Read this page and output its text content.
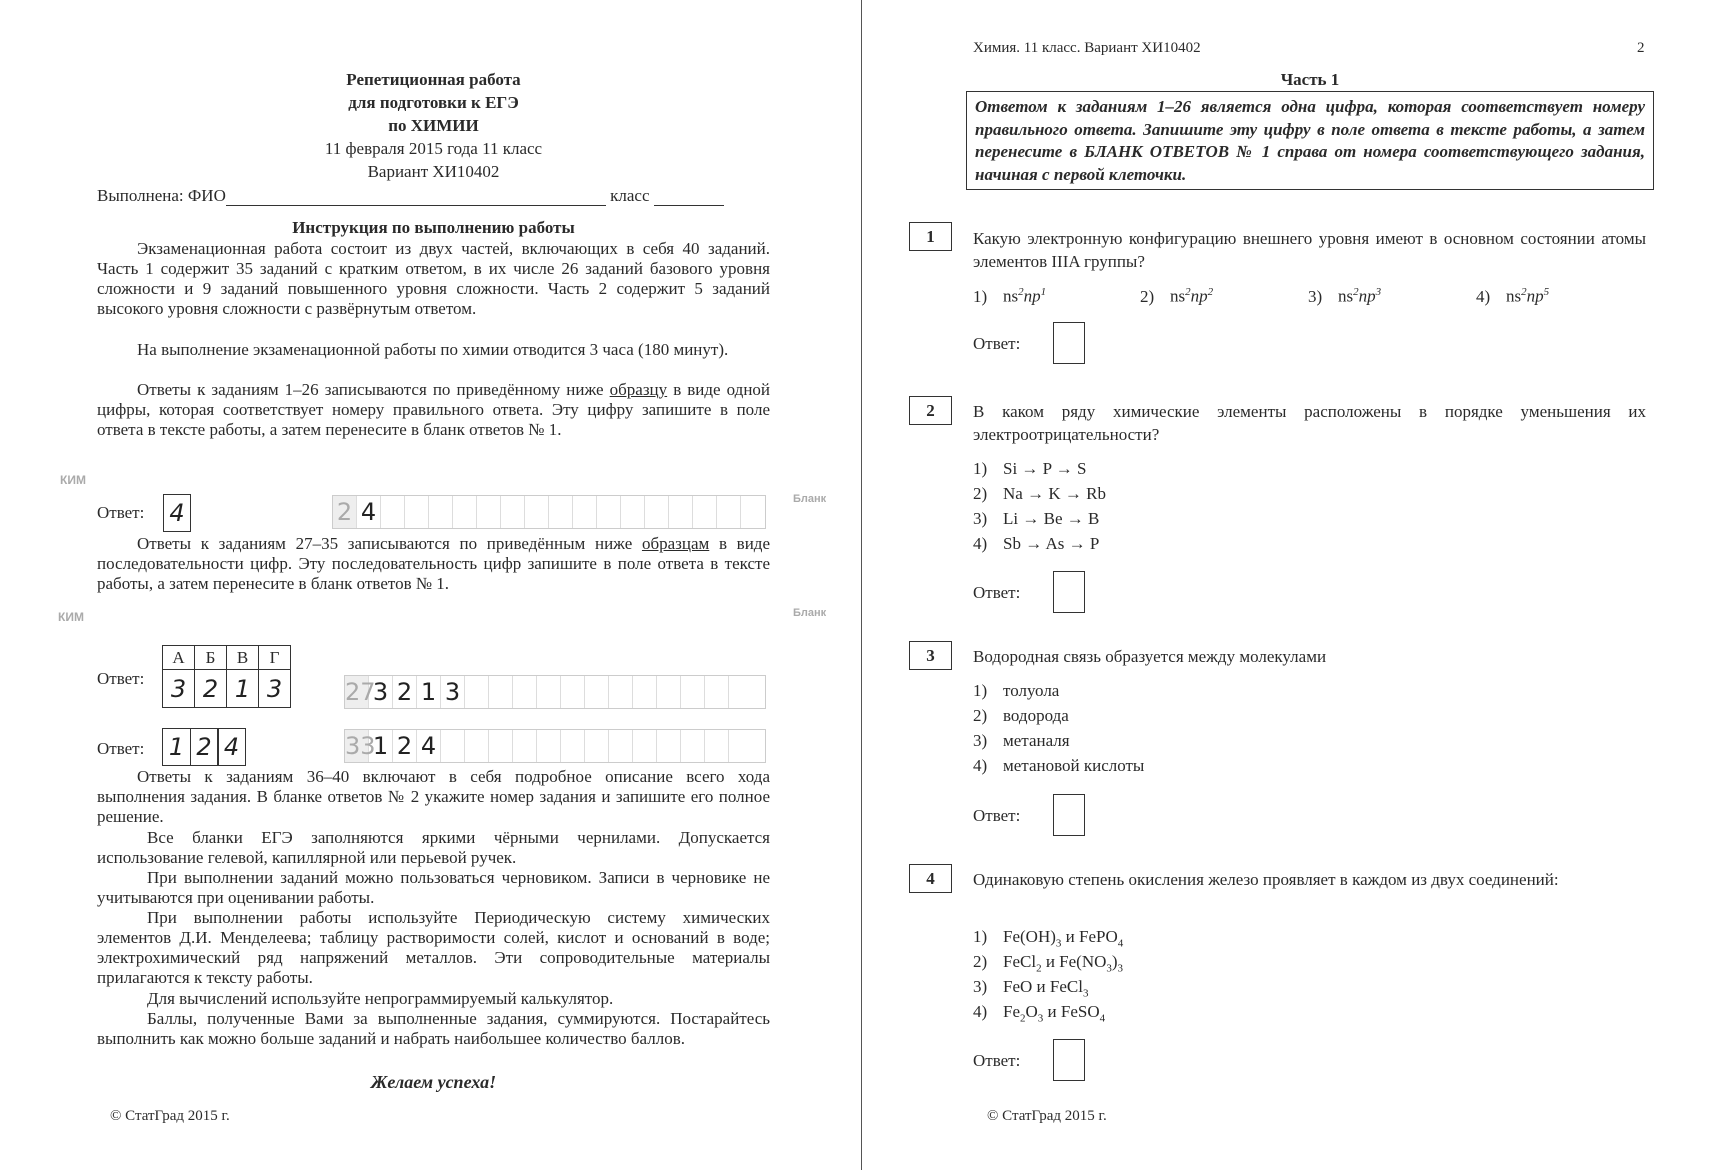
Репетиционная работа
для подготовки к ЕГЭ
по ХИМИИ
11 февраля 2015 года 11 класс
Вариант ХИ10402
Выполнена: ФИО	класс
Инструкция по выполнению работы
Экзаменационная работа состоит из двух частей, включающих в себя 40 заданий. Часть 1 содержит 35 заданий с кратким ответом, в их числе 26 заданий базового уровня сложности и 9 заданий повышенного уровня сложности. Часть 2 содержит 5 заданий высокого уровня сложности с развёрнутым ответом.
На выполнение экзаменационной работы по химии отводится 3 часа (180 минут).
Ответы к заданиям 1–26 записываются по приведённому ниже образцу в виде одной цифры, которая соответствует номеру правильного ответа. Эту цифру запишите в поле ответа в тексте работы, а затем перенесите в бланк ответов № 1.
КИМ
Бланк
Ответ: 4	2 4
Ответы к заданиям 27–35 записываются по приведённым ниже образцам в виде последовательности цифр. Эту последовательность цифр запишите в поле ответа в тексте работы, а затем перенесите в бланк ответов № 1.
КИМ	Бланк
Ответ:
А	Б	В	Г
3	2	1	3	27
3 2 1 3
Ответ: 1 2 4	33
1 2 4
Ответы к заданиям 36–40 включают в себя подробное описание всего хода выполнения задания. В бланке ответов № 2 укажите номер задания и запишите его полное решение.
Все бланки ЕГЭ заполняются яркими чёрными чернилами. Допускается использование гелевой, капиллярной или перьевой ручек.
При выполнении заданий можно пользоваться черновиком. Записи в черновике не учитываются при оценивании работы.
При выполнении работы используйте Периодическую систему химических элементов Д.И. Менделеева; таблицу растворимости солей, кислот и оснований в воде; электрохимический ряд напряжений металлов. Эти сопроводительные материалы прилагаются к тексту работы.
Для вычислений используйте непрограммируемый калькулятор.
Баллы, полученные Вами за выполненные задания, суммируются. Постарайтесь выполнить как можно больше заданий и набрать наибольшее количество баллов.
Желаем успеха!
© СтатГрад 2015 г.
Химия. 11 класс. Вариант ХИ10402	2
Часть 1
Ответом к заданиям 1–26 является одна цифра, которая соответствует номеру правильного ответа. Запишите эту цифру в поле ответа в тексте работы, а затем перенесите в БЛАНК ОТВЕТОВ № 1 справа от номера соответствующего задания, начиная с первой клеточки.
1	Какую электронную конфигурацию внешнего уровня имеют в основном состоянии атомы элементов IIIA группы?
1) $ns^2np^1$	2) $ns^2np^2$	3) $ns^2np^3$	4) $ns^2np^5$
Ответ:
2	В каком ряду химические элементы расположены в порядке уменьшения их электроотрицательности?
1) Si → P → S
2) Na → K → Rb
3) Li → Be → B
4) Sb → As → P
Ответ:
3	Водородная связь образуется между молекулами
1) толуола
2) водорода
3) метаналя
4) метановой кислоты
Ответ:
4	Одинаковую степень окисления железо проявляет в каждом из двух соединений:
1) $Fe(OH)_3$ и FePO$_4$
2) FeCl$_2$ и $Fe(NO_3)_3$
3) FeO и FeCl$_3$
4) $Fe_2O_3$ и FeSO$_4$
Ответ:
© СтатГрад 2015 г.
